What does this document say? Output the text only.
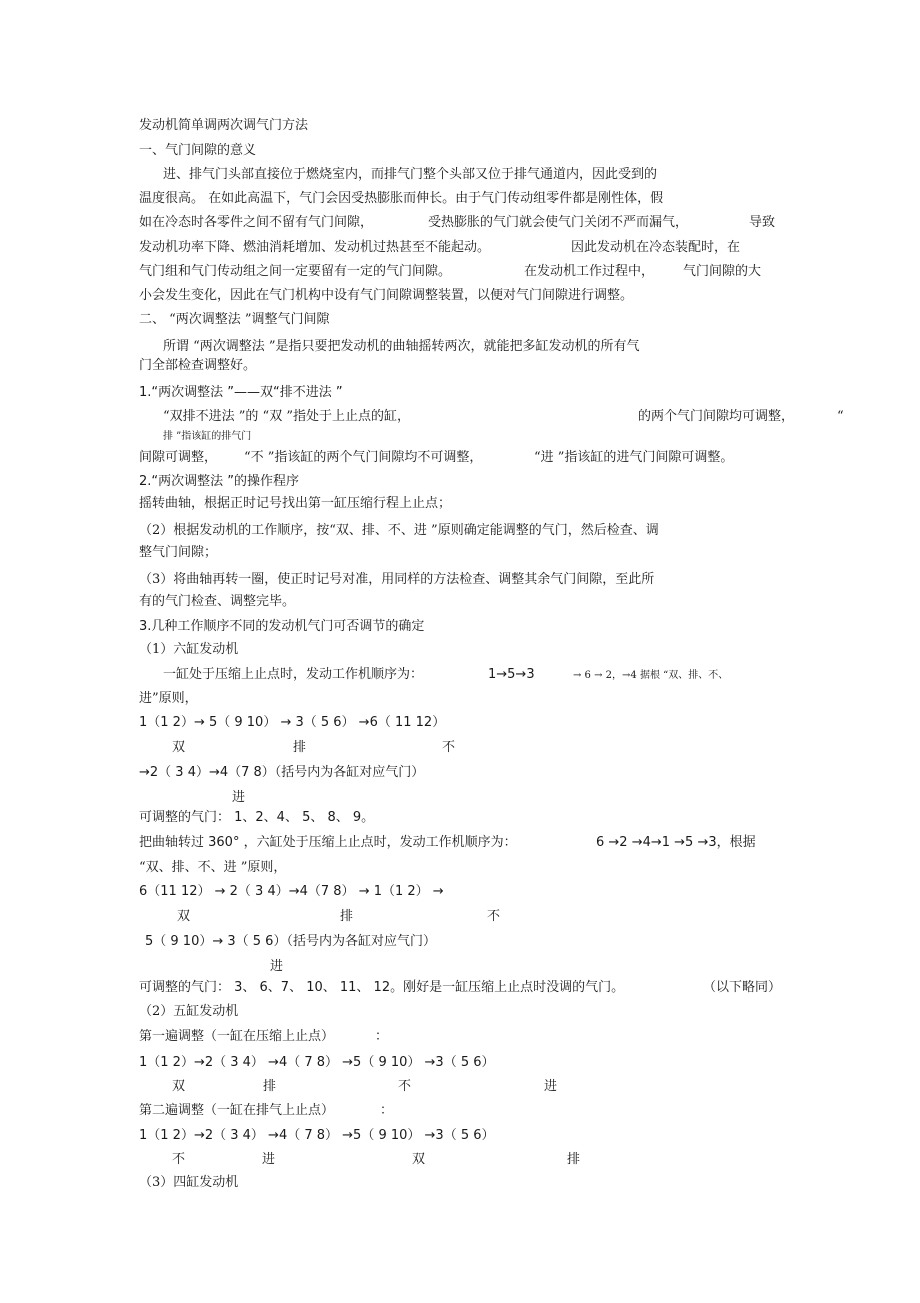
发动机简单调两次调气门方法
一、气门间隙的意义
进、排气门头部直接位于燃烧室内，而排气门整个头部又位于排气通道内，因此受到的
温度很高。 在如此高温下，气门会因受热膨胀而伸长。由于气门传动组零件都是刚性体，假
如在冷态时各零件之间不留有气门间隙，	受热膨胀的气门就会使气门关闭不严而漏气，	导致
发动机功率下降、燃油消耗增加、发动机过热甚至不能起动。	因此发动机在冷态装配时，在
气门组和气门传动组之间一定要留有一定的气门间隙。	在发动机工作过程中， 气门间隙的大
小会发生变化，因此在气门机构中设有气门间隙调整装置，以便对气门间隙进行调整。
二、 “两次调整法 ”调整气门间隙
所谓 “两次调整法 ”是指只要把发动机的曲轴摇转两次，就能把多缸发动机的所有气
门全部检查调整好。
1.“两次调整法 ”——双“排不进法 ”
“双排不进法 ”的 “双 ”指处于上止点的缸，	的两个气门间隙均可调整，	“
排 ”指该缸的排气门
间隙可调整， “不 ”指该缸的两个气门间隙均不可调整，	“进 ”指该缸的进气门间隙可调整。
2.“两次调整法 ”的操作程序
摇转曲轴，根据正时记号找出第一缸压缩行程上止点；
（2）根据发动机的工作顺序，按“双、排、不、进 ”原则确定能调整的气门，然后检查、调
整气门间隙；
（3）将曲轴再转一圈，使正时记号对准，用同样的方法检查、调整其余气门间隙，至此所
有的气门检查、调整完毕。
3.几种工作顺序不同的发动机气门可否调节的确定
（1）六缸发动机
一缸处于压缩上止点时，发动工作机顺序为：	1→5→3	→ 6 → 2，→4 据根 “双、排、不、
进”原则，
1（1 2）→ 5（ 9 10） → 3（ 5 6） →6（ 11 12）
双	排	不
→2（ 3 4）→4（7 8）（括号内为各缸对应气门）
进
可调整的气门： 1、2、4、 5、 8、 9。
把曲轴转过 360° ，六缸处于压缩上止点时，发动工作机顺序为：	6 →2 →4→1 →5 →3，根据
“双、排、不、进 ”原则，
6（11 12） → 2（ 3 4）→4（7 8） → 1（1 2） →
双	排	不
5（ 9 10）→ 3（ 5 6）（括号内为各缸对应气门）
进
可调整的气门： 3、 6、7、 10、 11、 12。刚好是一缸压缩上止点时没调的气门。	（以下略同）
（2）五缸发动机
第一遍调整（一缸在压缩上止点）	：
1（1 2）→2（ 3 4） →4（ 7 8） →5（ 9 10） →3（ 5 6）
双	排	不	进
第二遍调整（一缸在排气上止点）	：
1（1 2）→2（ 3 4） →4（ 7 8） →5（ 9 10） →3（ 5 6）
不	进	双	排
（3）四缸发动机
